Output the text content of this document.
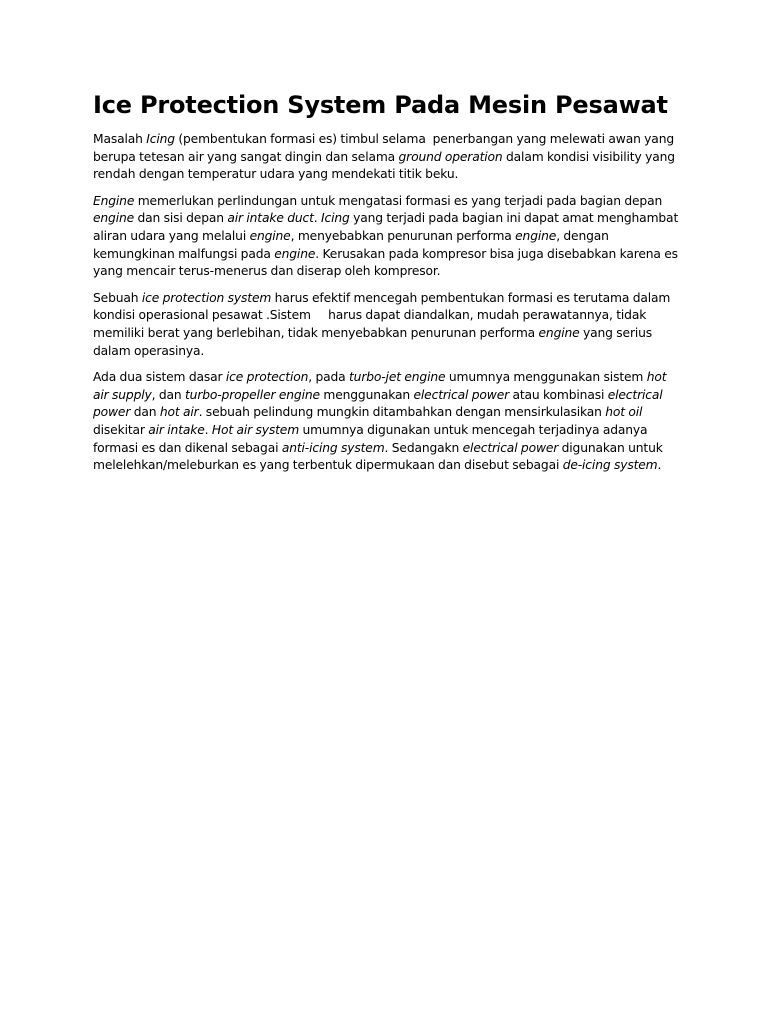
Ice Protection System Pada Mesin Pesawat

Masalah Icing (pembentukan formasi es) timbul selama  penerbangan yang melewati awan yang berupa tetesan air yang sangat dingin dan selama ground operation dalam kondisi visibility yang rendah dengan temperatur udara yang mendekati titik beku.

Engine memerlukan perlindungan untuk mengatasi formasi es yang terjadi pada bagian depan engine dan sisi depan air intake duct. Icing yang terjadi pada bagian ini dapat amat menghambat aliran udara yang melalui engine, menyebabkan penurunan performa engine, dengan kemungkinan malfungsi pada engine. Kerusakan pada kompresor bisa juga disebabkan karena es yang mencair terus-menerus dan diserap oleh kompresor.

Sebuah ice protection system harus efektif mencegah pembentukan formasi es terutama dalam kondisi operasional pesawat .Sistem     harus dapat diandalkan, mudah perawatannya, tidak memiliki berat yang berlebihan, tidak menyebabkan penurunan performa engine yang serius dalam operasinya.

Ada dua sistem dasar ice protection, pada turbo-jet engine umumnya menggunakan sistem hot air supply, dan turbo-propeller engine menggunakan electrical power atau kombinasi electrical power dan hot air. sebuah pelindung mungkin ditambahkan dengan mensirkulasikan hot oil disekitar air intake. Hot air system umumnya digunakan untuk mencegah terjadinya adanya formasi es dan dikenal sebagai anti-icing system. Sedangakn electrical power digunakan untuk melelehkan/meleburkan es yang terbentuk dipermukaan dan disebut sebagai de-icing system.
